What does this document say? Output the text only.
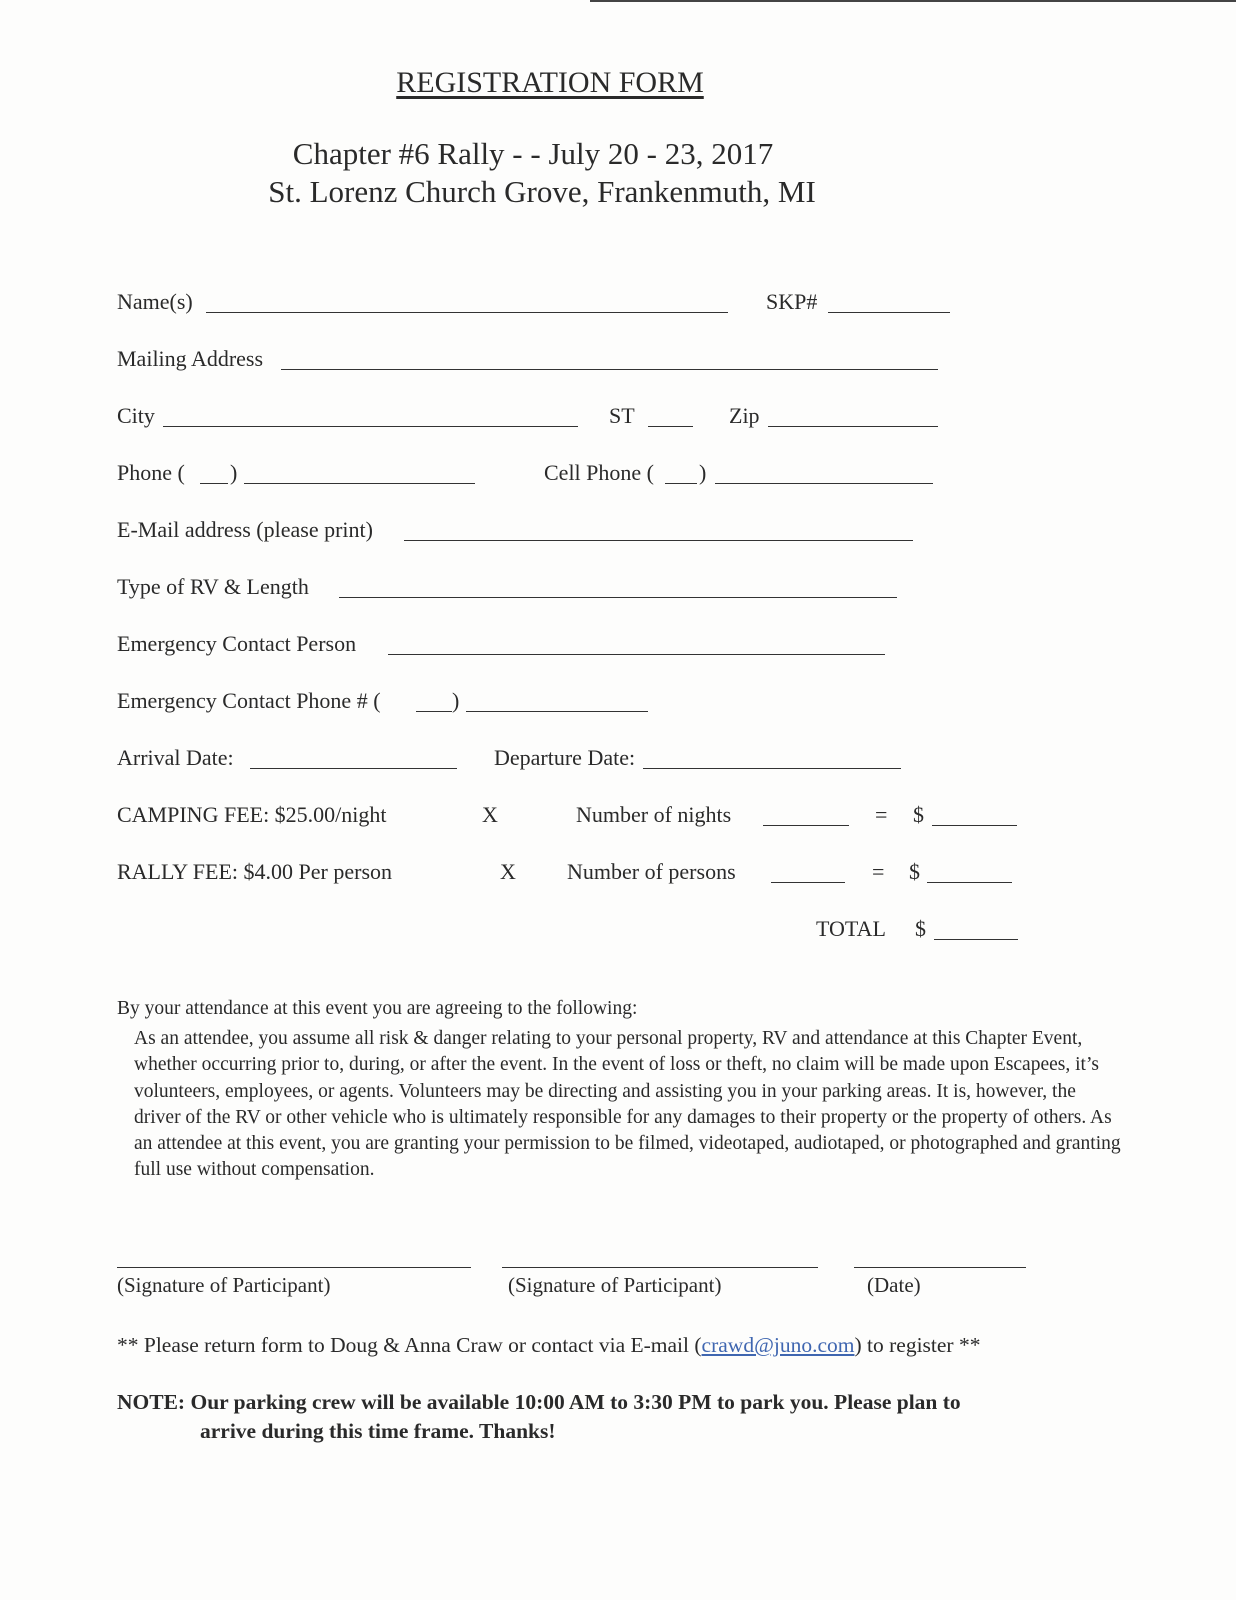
REGISTRATION FORM
Chapter #6 Rally - - July 20 - 23, 2017
St. Lorenz Church Grove, Frankenmuth, MI
Name(s)	SKP#
Mailing Address
City	ST	Zip
Phone ( )	Cell Phone ( )
E-Mail address (please print)
Type of RV & Length
Emergency Contact Person
Emergency Contact Phone # (	)
Arrival Date:	Departure Date:
CAMPING FEE: $25.00/night	X	Number of nights	= $
RALLY FEE: $4.00 Per person	X Number of persons	= $
TOTAL $
By your attendance at this event you are agreeing to the following:
As an attendee, you assume all risk & danger relating to your personal property, RV and attendance at this Chapter Event, whether occurring prior to, during, or after the event. In the event of loss or theft, no claim will be made upon Escapees, it’s volunteers, employees, or agents. Volunteers may be directing and assisting you in your parking areas. It is, however, the driver of the RV or other vehicle who is ultimately responsible for any damages to their property or the property of others. As an attendee at this event, you are granting your permission to be filmed, videotaped, audiotaped, or photographed and granting full use without compensation.
(Signature of Participant)	(Signature of Participant)	(Date)
** Please return form to Doug & Anna Craw or contact via E-mail (crawd@juno.com) to register **
NOTE: Our parking crew will be available 10:00 AM to 3:30 PM to park you. Please plan to
arrive during this time frame. Thanks!
